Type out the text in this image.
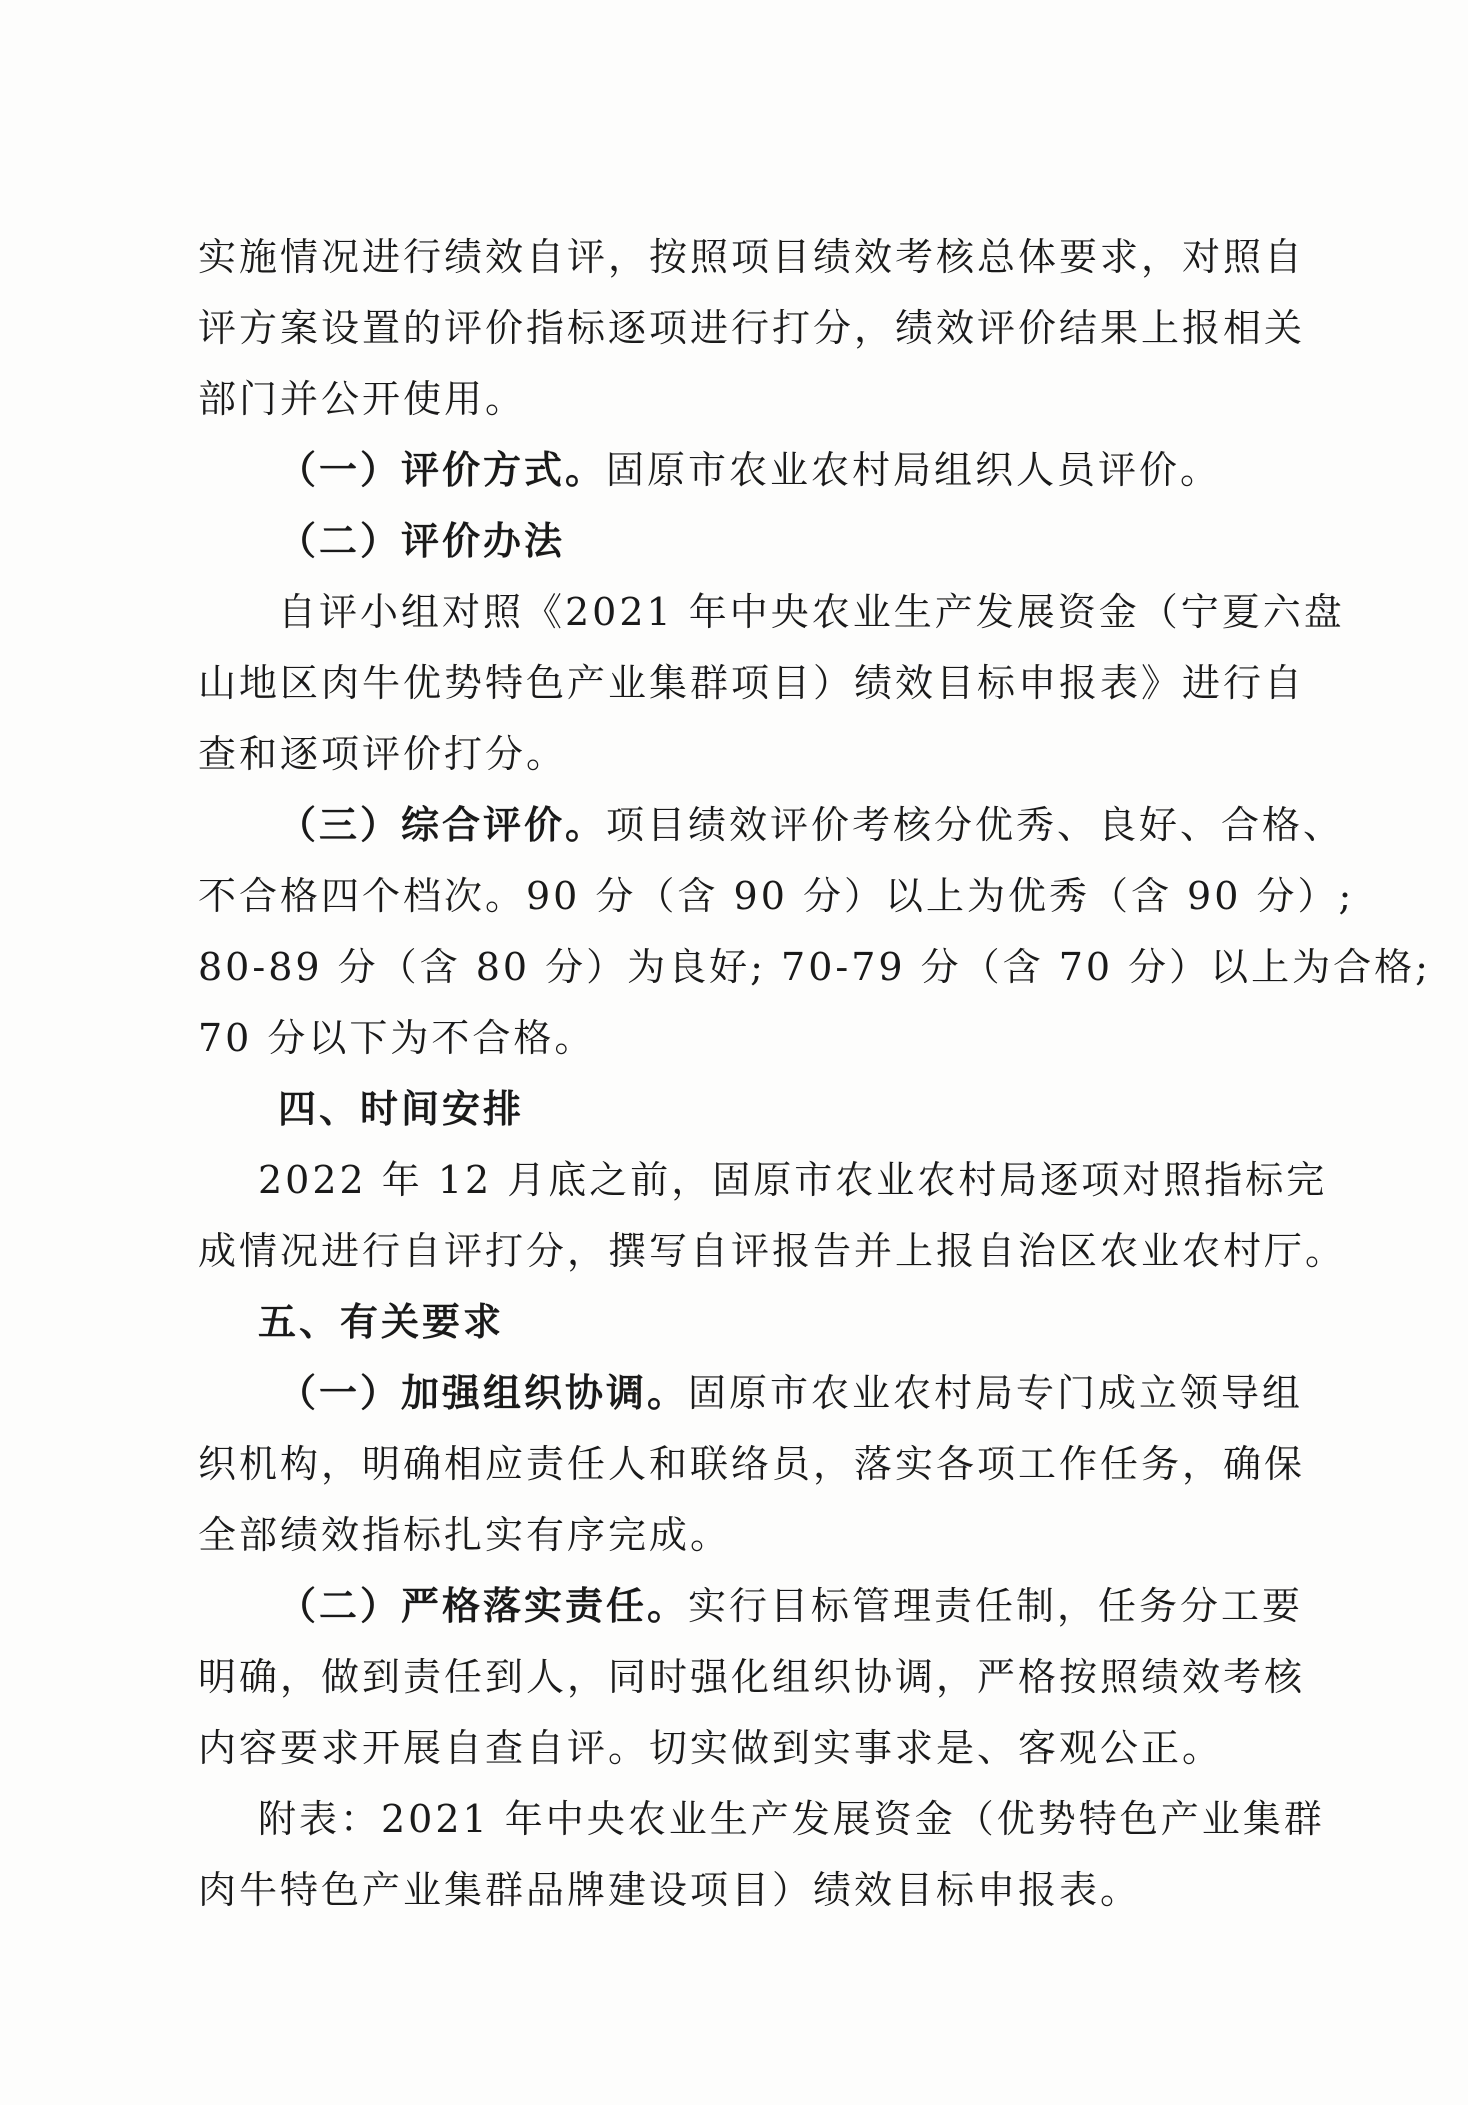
实施情况进行绩效自评，按照项目绩效考核总体要求，对照自
评方案设置的评价指标逐项进行打分，绩效评价结果上报相关
部门并公开使用。
（一）评价方式。固原市农业农村局组织人员评价。
（二）评价办法
自评小组对照《2021 年中央农业生产发展资金（宁夏六盘
山地区肉牛优势特色产业集群项目）绩效目标申报表》进行自
查和逐项评价打分。
（三）综合评价。项目绩效评价考核分优秀、良好、合格、
不合格四个档次。90 分（含 90 分）以上为优秀（含 90 分）;
80-89 分（含 80 分）为良好; 70-79 分（含 70 分）以上为合格;
70 分以下为不合格。
四、时间安排
2022 年 12 月底之前，固原市农业农村局逐项对照指标完
成情况进行自评打分，撰写自评报告并上报自治区农业农村厅。
五、有关要求
（一）加强组织协调。固原市农业农村局专门成立领导组
织机构，明确相应责任人和联络员，落实各项工作任务，确保
全部绩效指标扎实有序完成。
（二）严格落实责任。实行目标管理责任制，任务分工要
明确，做到责任到人，同时强化组织协调，严格按照绩效考核
内容要求开展自查自评。切实做到实事求是、客观公正。
附表：2021 年中央农业生产发展资金（优势特色产业集群
肉牛特色产业集群品牌建设项目）绩效目标申报表。
